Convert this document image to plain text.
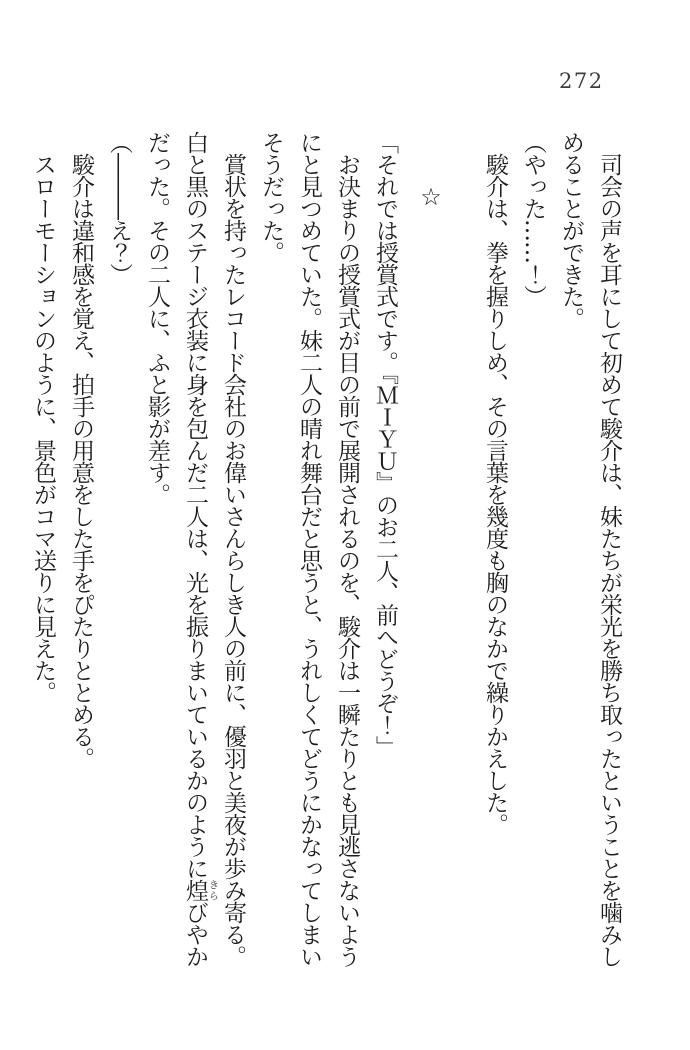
272

　司会の声を耳にして初めて駿介は、妹たちが栄光を勝ち取ったということを噛みしめることができた。

（やった……！）

　駿介は、拳を握りしめ、その言葉を幾度も胸のなかで繰りかえした。

☆

「それでは授賞式です。『ＭＩＹＵ』のお二人、前へどうぞ！」

　お決まりの授賞式が目の前で展開されるのを、駿介は一瞬たりとも見逃さないようにと見つめていた。妹二人の晴れ舞台だと思うと、うれしくてどうにかなってしまいそうだった。

　賞状を持ったレコード会社のお偉いさんらしき人の前に、優羽と美夜が歩み寄る。白と黒のステージ衣装に身を包んだ二人は、光を振りまいているかのように煌きらびやかだった。その二人に、ふと影が差す。

（―――え？）

　駿介は違和感を覚え、拍手の用意をした手をぴたりととめる。

　スローモーションのように、景色がコマ送りに見えた。
